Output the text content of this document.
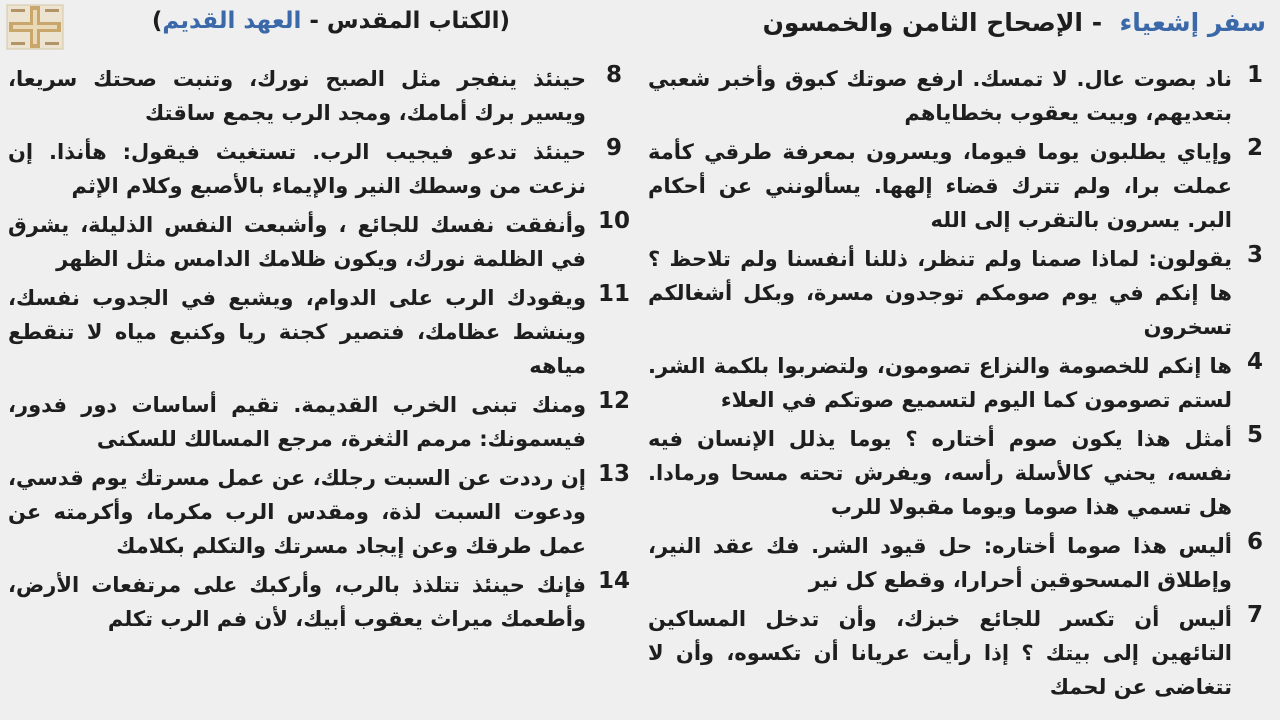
(الكتاب المقدس - العهد القديم)	سفر إشعياء  - الإصحاح الثامن والخمسون
1
ناد بصوت عال. لا تمسك. ارفع صوتك كبوق وأخبر شعبي بتعديهم، وبيت يعقوب بخطاياهم
2
وإياي يطلبون يوما فيوما، ويسرون بمعرفة طرقي كأمة عملت برا، ولم تترك قضاء إلهها. يسألونني عن أحكام البر. يسرون بالتقرب إلى الله
3
يقولون: لماذا صمنا ولم تنظر، ذللنا أنفسنا ولم تلاحظ ؟ ها إنكم في يوم صومكم توجدون مسرة، وبكل أشغالكم تسخرون
4
ها إنكم للخصومة والنزاع تصومون، ولتضربوا بلكمة الشر. لستم تصومون كما اليوم لتسميع صوتكم في العلاء
5
أمثل هذا يكون صوم أختاره ؟ يوما يذلل الإنسان فيه نفسه، يحني كالأسلة رأسه، ويفرش تحته مسحا ورمادا. هل تسمي هذا صوما ويوما مقبولا للرب
6
أليس هذا صوما أختاره: حل قيود الشر. فك عقد النير، وإطلاق المسحوقين أحرارا، وقطع كل نير
7
أليس أن تكسر للجائع خبزك، وأن تدخل المساكين التائهين إلى بيتك ؟ إذا رأيت عريانا أن تكسوه، وأن لا تتغاضى عن لحمك
8
حينئذ ينفجر مثل الصبح نورك، وتنبت صحتك سريعا، ويسير برك أمامك، ومجد الرب يجمع ساقتك
9
حينئذ تدعو فيجيب الرب. تستغيث فيقول: هأنذا. إن نزعت من وسطك النير والإيماء بالأصبع وكلام الإثم
10
وأنفقت نفسك للجائع ، وأشبعت النفس الذليلة، يشرق في الظلمة نورك، ويكون ظلامك الدامس مثل الظهر
11
ويقودك الرب على الدوام، ويشبع في الجدوب نفسك، وينشط عظامك، فتصير كجنة ريا وكنبع مياه لا تنقطع مياهه
12
ومنك تبنى الخرب القديمة. تقيم أساسات دور فدور، فيسمونك: مرمم الثغرة، مرجع المسالك للسكنى
13
إن رددت عن السبت رجلك، عن عمل مسرتك يوم قدسي، ودعوت السبت لذة، ومقدس الرب مكرما، وأكرمته عن عمل طرقك وعن إيجاد مسرتك والتكلم بكلامك
14
فإنك حينئذ تتلذذ بالرب، وأركبك على مرتفعات الأرض، وأطعمك ميراث يعقوب أبيك، لأن فم الرب تكلم
